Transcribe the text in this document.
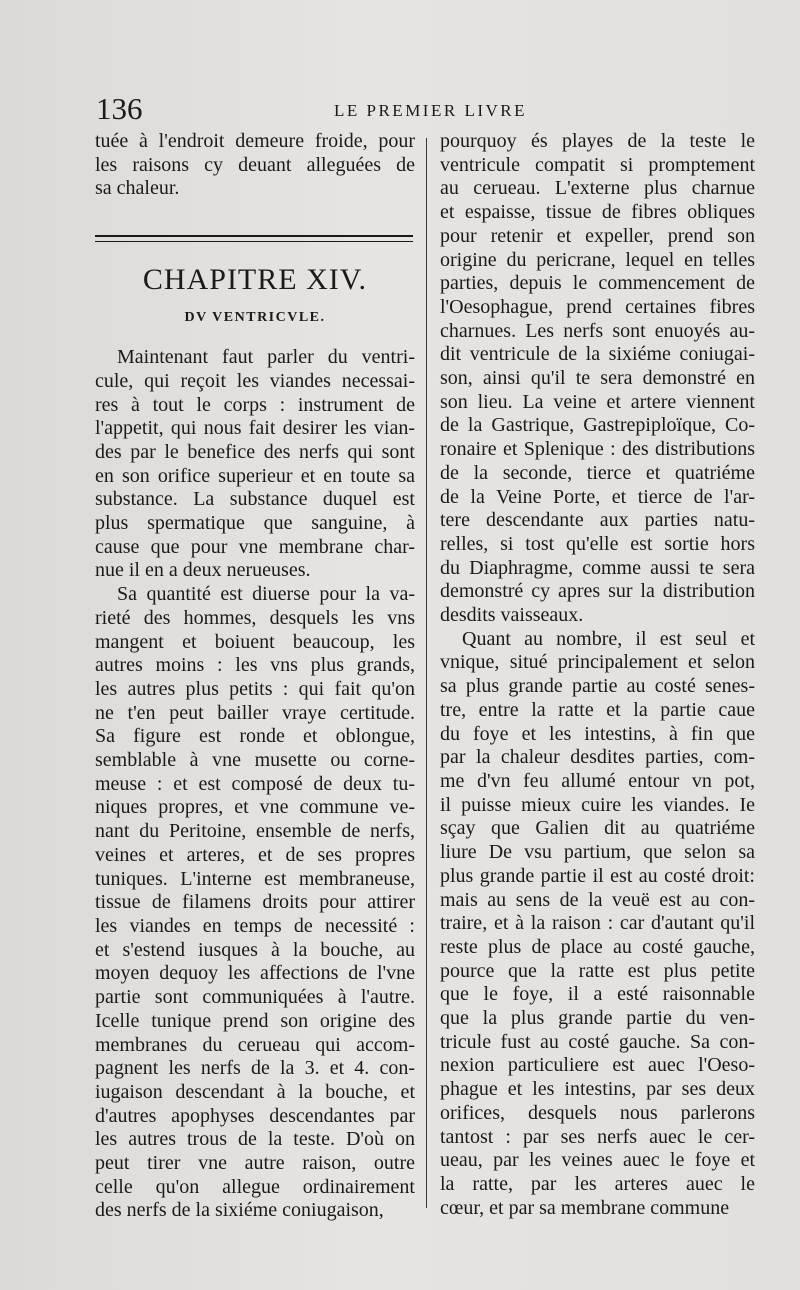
136	LE PREMIER LIVRE

tuée à l'endroit demeure froide, pour
les raisons cy deuant alleguées de
sa chaleur.

CHAPITRE XIV.
DV VENTRICVLE.

Maintenant faut parler du ventri-
cule, qui reçoit les viandes necessai-
res à tout le corps : instrument de
l'appetit, qui nous fait desirer les vian-
des par le benefice des nerfs qui sont
en son orifice superieur et en toute sa
substance. La substance duquel est
plus spermatique que sanguine, à
cause que pour vne membrane char-
nue il en a deux nerueuses.

Sa quantité est diuerse pour la va-
rieté des hommes, desquels les vns
mangent et boiuent beaucoup, les
autres moins : les vns plus grands,
les autres plus petits : qui fait qu'on
ne t'en peut bailler vraye certitude.
Sa figure est ronde et oblongue,
semblable à vne musette ou corne-
meuse : et est composé de deux tu-
niques propres, et vne commune ve-
nant du Peritoine, ensemble de nerfs,
veines et arteres, et de ses propres
tuniques. L'interne est membraneuse,
tissue de filamens droits pour attirer
les viandes en temps de necessité :
et s'estend iusques à la bouche, au
moyen dequoy les affections de l'vne
partie sont communiquées à l'autre.
Icelle tunique prend son origine des
membranes du cerueau qui accom-
pagnent les nerfs de la 3. et 4. con-
iugaison descendant à la bouche, et
d'autres apophyses descendantes par
les autres trous de la teste. D'où on
peut tirer vne autre raison, outre
celle qu'on allegue ordinairement
des nerfs de la sixiéme coniugaison,

pourquoy és playes de la teste le
ventricule compatit si promptement
au cerueau. L'externe plus charnue
et espaisse, tissue de fibres obliques
pour retenir et expeller, prend son
origine du pericrane, lequel en telles
parties, depuis le commencement de
l'Oesophague, prend certaines fibres
charnues. Les nerfs sont enuoyés au-
dit ventricule de la sixiéme coniugai-
son, ainsi qu'il te sera demonstré en
son lieu. La veine et artere viennent
de la Gastrique, Gastrepiploïque, Co-
ronaire et Splenique : des distributions
de la seconde, tierce et quatriéme
de la Veine Porte, et tierce de l'ar-
tere descendante aux parties natu-
relles, si tost qu'elle est sortie hors
du Diaphragme, comme aussi te sera
demonstré cy apres sur la distribution
desdits vaisseaux.

Quant au nombre, il est seul et
vnique, situé principalement et selon
sa plus grande partie au costé senes-
tre, entre la ratte et la partie caue
du foye et les intestins, à fin que
par la chaleur desdites parties, com-
me d'vn feu allumé entour vn pot,
il puisse mieux cuire les viandes. Ie
sçay que Galien dit au quatriéme
liure De vsu partium, que selon sa
plus grande partie il est au costé droit:
mais au sens de la veuë est au con-
traire, et à la raison : car d'autant qu'il
reste plus de place au costé gauche,
pource que la ratte est plus petite
que le foye, il a esté raisonnable
que la plus grande partie du ven-
tricule fust au costé gauche. Sa con-
nexion particuliere est auec l'Oeso-
phague et les intestins, par ses deux
orifices, desquels nous parlerons
tantost : par ses nerfs auec le cer-
ueau, par les veines auec le foye et
la ratte, par les arteres auec le
cœur, et par sa membrane commune
